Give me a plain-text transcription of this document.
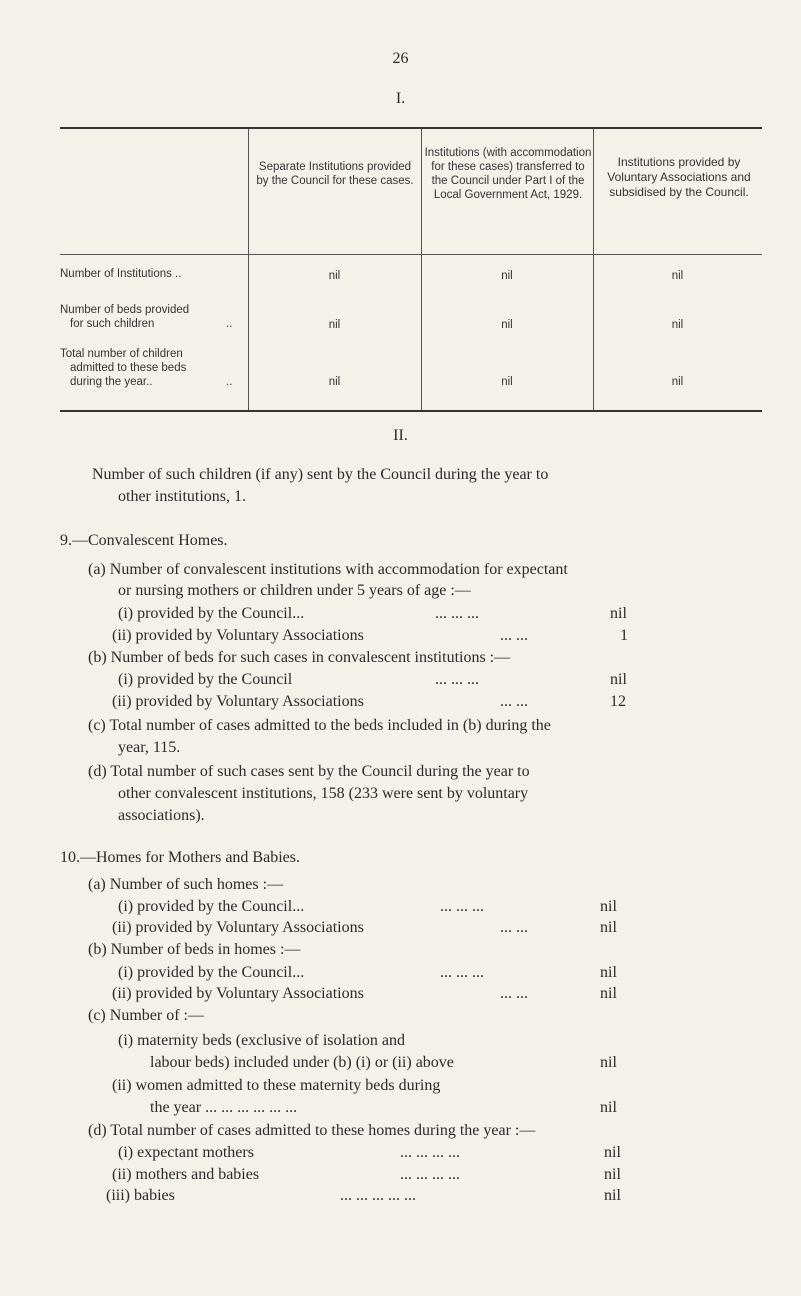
26
I.
Separate Institutions provided by the Council for these cases.
Institutions (with accommodation for these cases) transferred to the Council under Part I of the Local Government Act, 1929.
Institutions provided by Voluntary Associations and subsidised by the Council.
Number of Institutions ..	nil	nil	nil
Number of beds provided
for such children	..	nil	nil	nil
Total number of children
admitted to these beds
during the year..	..	nil	nil	nil
II.
Number of such children (if any) sent by the Council during the year to
other institutions, 1.
9.—Convalescent Homes.
(a) Number of convalescent institutions with accommodation for expectant
or nursing mothers or children under 5 years of age :—
(i) provided by the Council...	... ... ...	nil
(ii) provided by Voluntary Associations	... ...	1
(b) Number of beds for such cases in convalescent institutions :—
(i) provided by the Council	... ... ...	nil
(ii) provided by Voluntary Associations	... ...	12
(c) Total number of cases admitted to the beds included in (b) during the
year, 115.
(d) Total number of such cases sent by the Council during the year to
other convalescent institutions, 158 (233 were sent by voluntary
associations).
10.—Homes for Mothers and Babies.
(a) Number of such homes :—
(i) provided by the Council...	... ... ...	nil
(ii) provided by Voluntary Associations	... ...	nil
(b) Number of beds in homes :—
(i) provided by the Council...	... ... ...	nil
(ii) provided by Voluntary Associations	... ...	nil
(c) Number of :—
(i) maternity beds (exclusive of isolation and
labour beds) included under (b) (i) or (ii) above	nil
(ii) women admitted to these maternity beds during
the year ... ... ... ... ... ...	nil
(d) Total number of cases admitted to these homes during the year :—
(i) expectant mothers	... ... ... ...	nil
(ii) mothers and babies	... ... ... ...	nil
(iii) babies	... ... ... ... ...	nil
